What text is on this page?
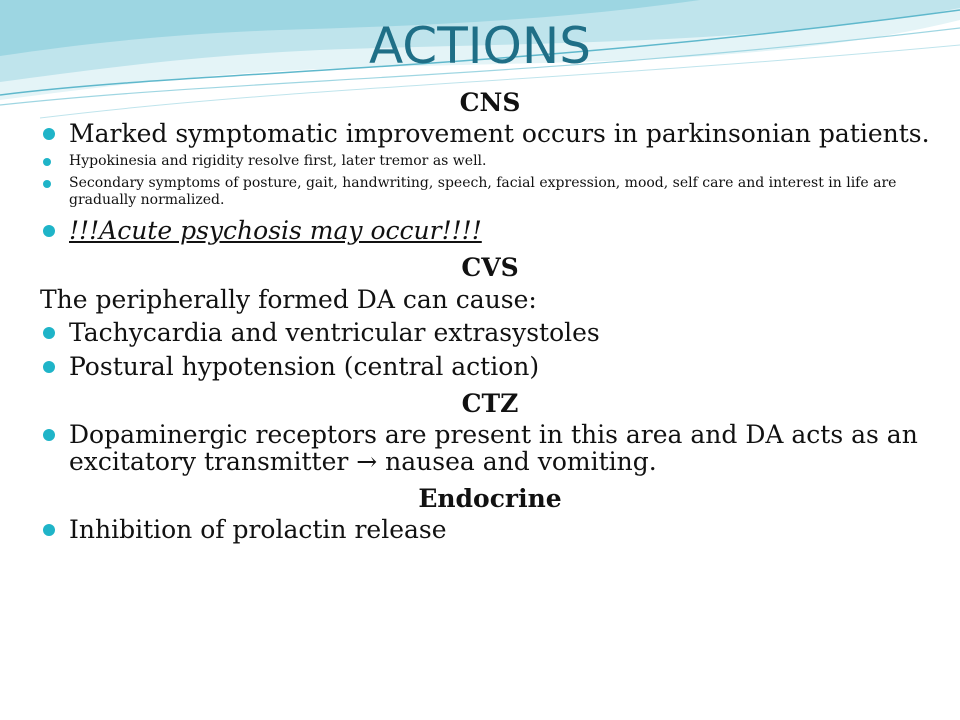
ACTIONS
CNS
Marked symptomatic improvement occurs in parkinsonian patients.
Hypokinesia and rigidity resolve first, later tremor as well.
Secondary symptoms of posture, gait, handwriting, speech, facial expression, mood, self care and interest in life are gradually normalized.
!!!Acute psychosis may occur!!!!
CVS
The peripherally formed DA can cause:
Tachycardia and ventricular extrasystoles
Postural hypotension (central action)
CTZ
Dopaminergic receptors are present in this area and DA acts as an excitatory transmitter → nausea and vomiting.
Endocrine
Inhibition of prolactin release
